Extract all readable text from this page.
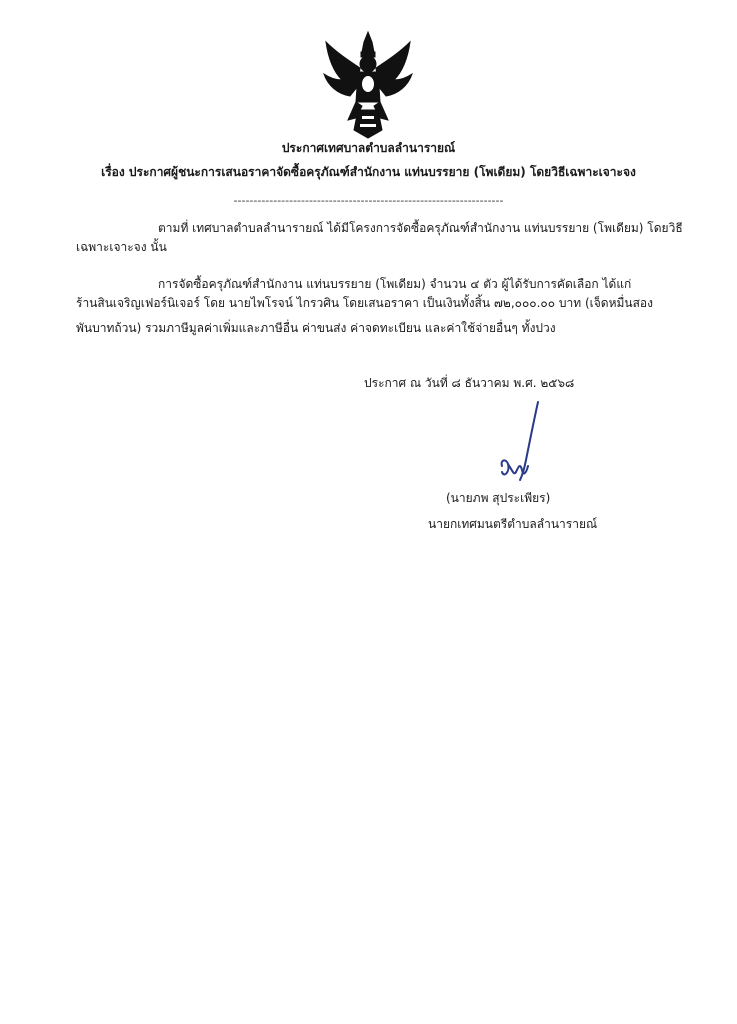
ประกาศเทศบาลตำบลลำนารายณ์
เรื่อง ประกาศผู้ชนะการเสนอราคาจัดซื้อครุภัณฑ์สำนักงาน แท่นบรรยาย (โพเดียม) โดยวิธีเฉพาะเจาะจง
--------------------------------------------------------------------
ตามที่ เทศบาลตำบลลำนารายณ์ ได้มีโครงการจัดซื้อครุภัณฑ์สำนักงาน แท่นบรรยาย (โพเดียม) โดยวิธี
เฉพาะเจาะจง นั้น
การจัดซื้อครุภัณฑ์สำนักงาน แท่นบรรยาย (โพเดียม) จำนวน ๔ ตัว ผู้ได้รับการคัดเลือก ได้แก่
ร้านสินเจริญเฟอร์นิเจอร์ โดย นายไพโรจน์ ไกรวศิน โดยเสนอราคา เป็นเงินทั้งสิ้น ๗๒,๐๐๐.๐๐ บาท (เจ็ดหมื่นสอง
พันบาทถ้วน) รวมภาษีมูลค่าเพิ่มและภาษีอื่น ค่าขนส่ง ค่าจดทะเบียน และค่าใช้จ่ายอื่นๆ ทั้งปวง
ประกาศ ณ วันที่ ๘ ธันวาคม พ.ศ. ๒๕๖๘
(นายภพ สุประเพียร)
นายกเทศมนตรีตำบลลำนารายณ์
